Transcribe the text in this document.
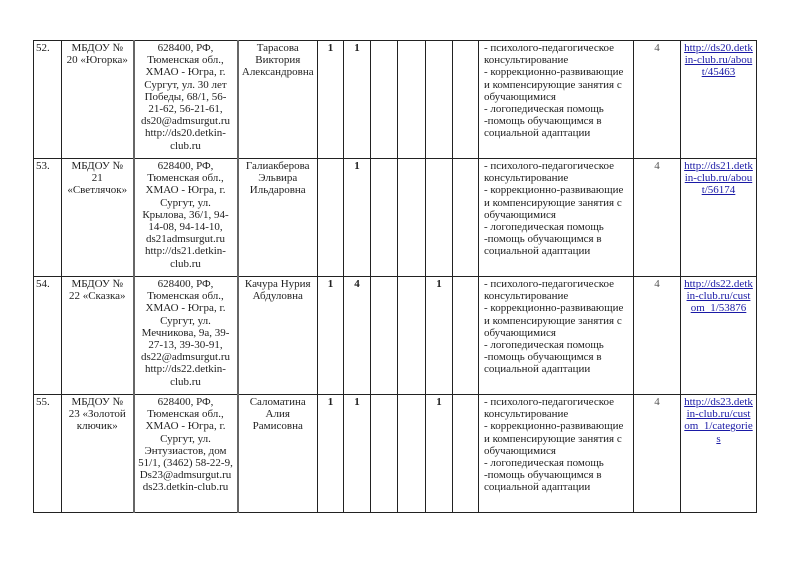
52.	МБДОУ № 20 «Югорка»	628400, РФ, Тюменская обл., ХМАО - Югра, г. Сургут, ул. 30 лет Победы, 68/1, 56-21-62, 56-21-61, ds20@admsurgut.ru http://ds20.detkin-club.ru	Тарасова Виктория Александровна	1	1					- психолого-педагогическое консультирование
- коррекционно-развивающие и компенсирующие занятия с обучающимися
- логопедическая помощь
-помощь обучающимся в социальной адаптации	4	http://ds20.detkin-club.ru/about/45463
53.	МБДОУ № 21 «Светлячок»	628400, РФ, Тюменская обл., ХМАО - Югра, г. Сургут, ул. Крылова, 36/1, 94-14-08, 94-14-10, ds21admsurgut.ru http://ds21.detkin-club.ru	Галиакберова Эльвира Ильдаровна		1					- психолого-педагогическое консультирование
- коррекционно-развивающие и компенсирующие занятия с обучающимися
- логопедическая помощь
-помощь обучающимся в социальной адаптации	4	http://ds21.detkin-club.ru/about/56174
54.	МБДОУ № 22 «Сказка»	628400, РФ, Тюменская обл., ХМАО - Югра, г. Сургут, ул. Мечникова, 9а, 39-27-13, 39-30-91, ds22@admsurgut.ru http://ds22.detkin-club.ru	Качура Нурия Абдуловна	1	4			1		- психолого-педагогическое консультирование
- коррекционно-развивающие и компенсирующие занятия с обучающимися
- логопедическая помощь
-помощь обучающимся в социальной адаптации	4	http://ds22.detkin-club.ru/custom_1/53876
55.	МБДОУ № 23 «Золотой ключик»	628400, РФ, Тюменская обл., ХМАО - Югра, г. Сургут, ул. Энтузиастов, дом 51/1, (3462) 58-22-9, Ds23@admsurgut.ru ds23.detkin-club.ru	Саломатина Алия Рамисовна	1	1			1		- психолого-педагогическое консультирование
- коррекционно-развивающие и компенсирующие занятия с обучающимися
- логопедическая помощь
-помощь обучающимся в социальной адаптации	4	http://ds23.detkin-club.ru/custom_1/categories
